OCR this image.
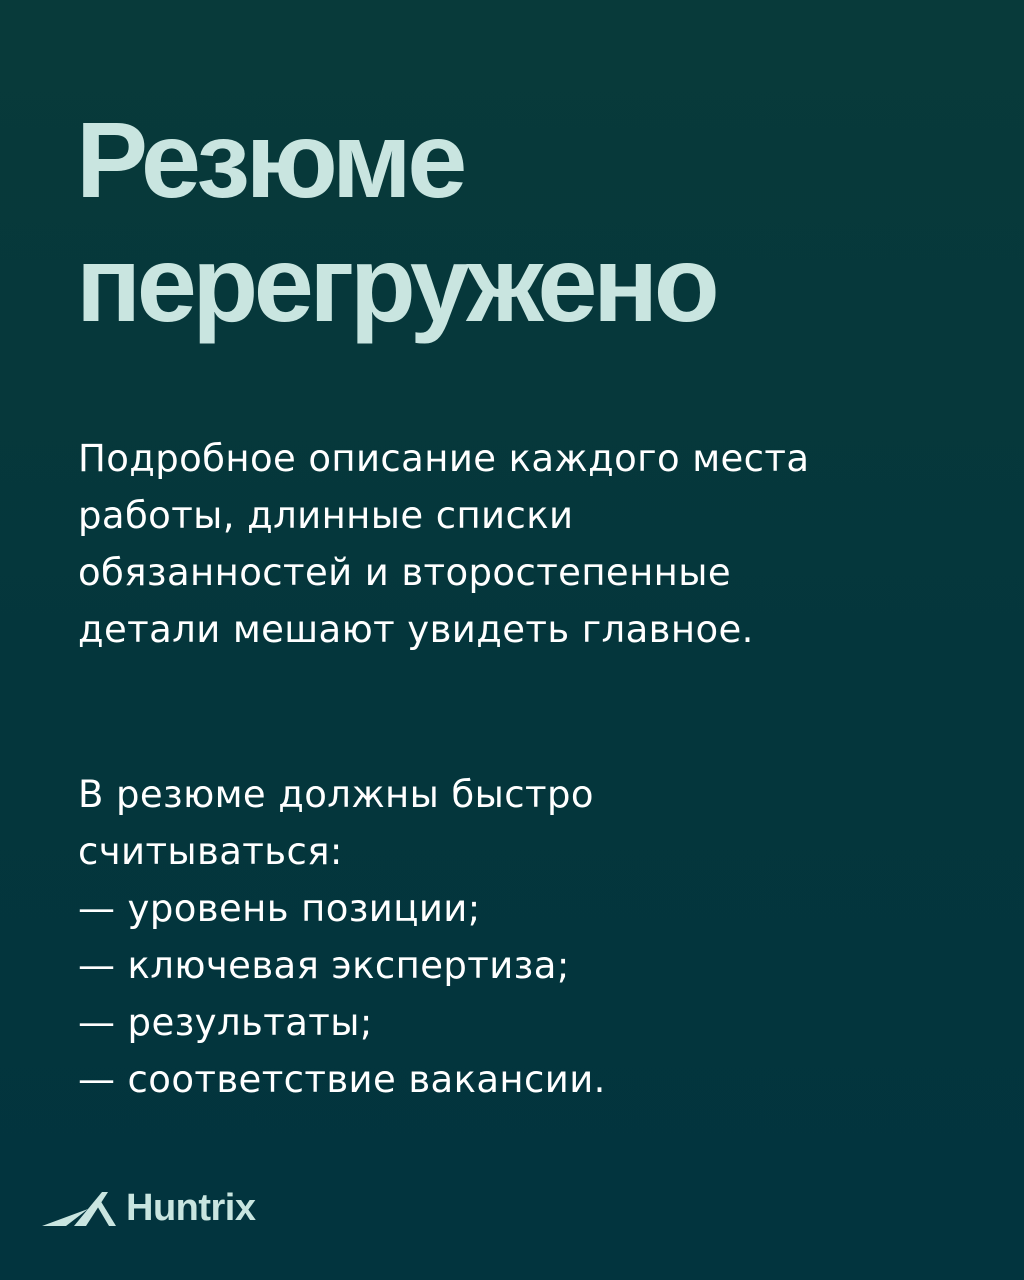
Резюме
перегружено

Подробное описание каждого места
работы, длинные списки
обязанностей и второстепенные
детали мешают увидеть главное.

В резюме должны быстро
считываться:
— уровень позиции;
— ключевая экспертиза;
— результаты;
— соответствие вакансии.

Huntrix
